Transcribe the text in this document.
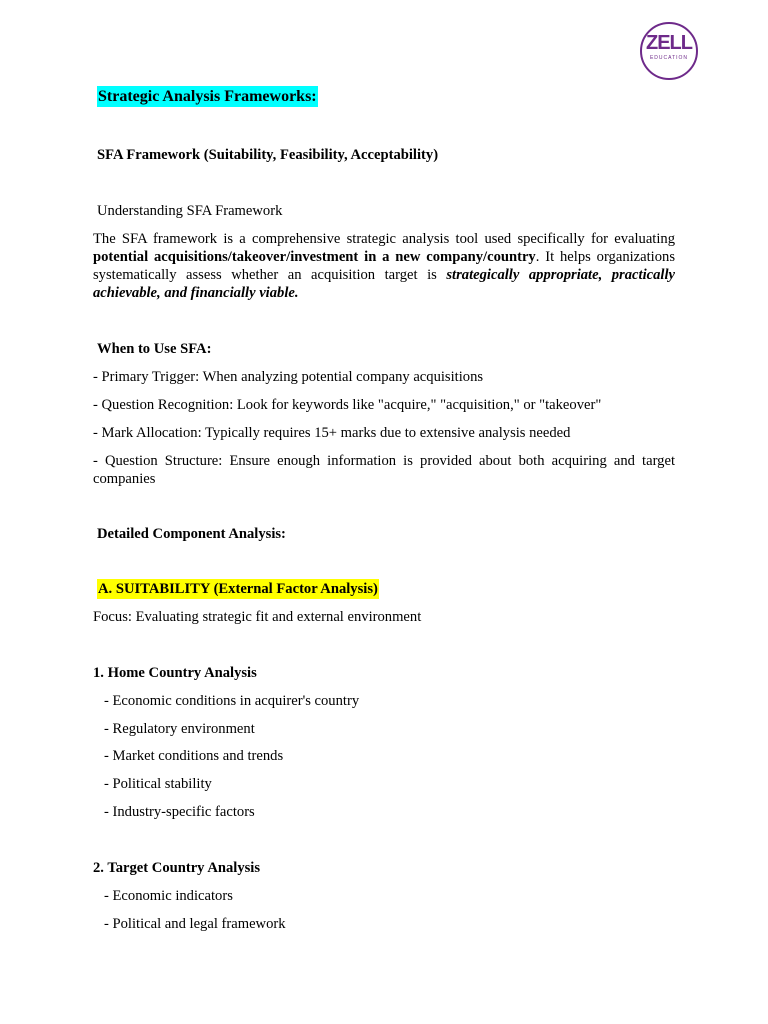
ZELL
EDUCATION
Strategic Analysis Frameworks:
SFA Framework (Suitability, Feasibility, Acceptability)
Understanding SFA Framework
The SFA framework is a comprehensive strategic analysis tool used specifically for evaluating potential acquisitions/takeover/investment in a new company/country. It helps organizations systematically assess whether an acquisition target is strategically appropriate, practically achievable, and financially viable.
When to Use SFA:
- Primary Trigger: When analyzing potential company acquisitions
- Question Recognition: Look for keywords like "acquire," "acquisition," or "takeover"
- Mark Allocation: Typically requires 15+ marks due to extensive analysis needed
- Question Structure: Ensure enough information is provided about both acquiring and target companies
Detailed Component Analysis:
A. SUITABILITY (External Factor Analysis)
Focus: Evaluating strategic fit and external environment
1. Home Country Analysis
- Economic conditions in acquirer's country
- Regulatory environment
- Market conditions and trends
- Political stability
- Industry-specific factors
2. Target Country Analysis
- Economic indicators
- Political and legal framework
